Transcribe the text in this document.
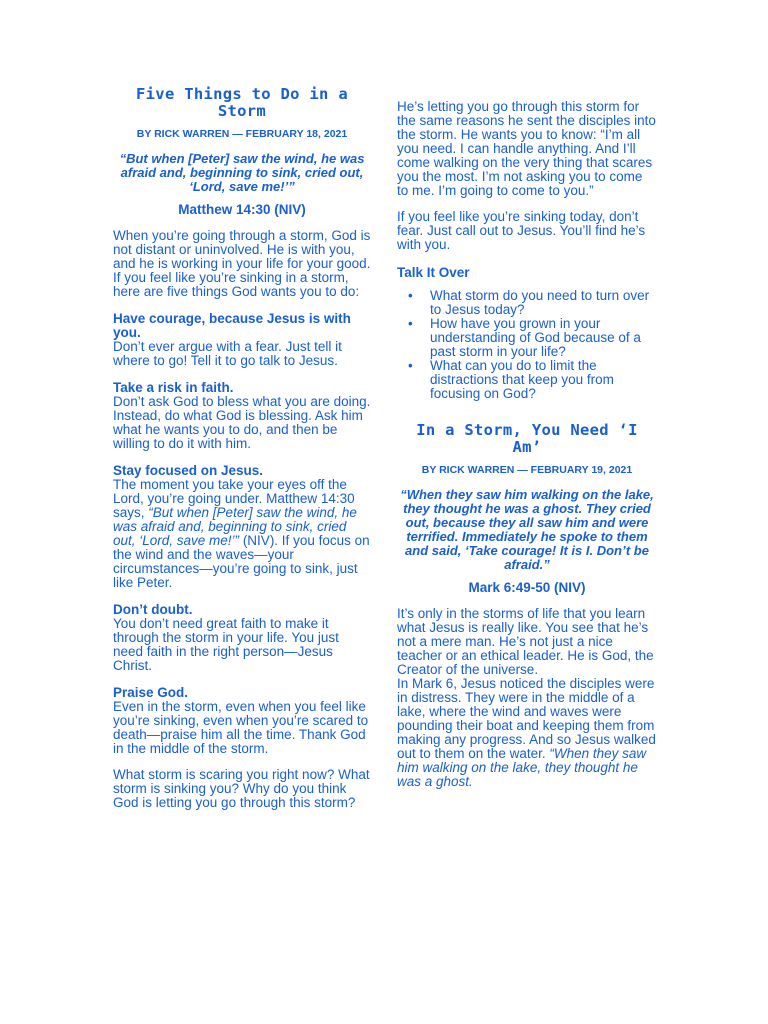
Five Things to Do in a Storm

BY RICK WARREN — FEBRUARY 18, 2021

“But when [Peter] saw the wind, he was afraid and, beginning to sink, cried out, ‘Lord, save me!’”

Matthew 14:30 (NIV)

When you’re going through a storm, God is not distant or uninvolved. He is with you, and he is working in your life for your good.

If you feel like you’re sinking in a storm, here are five things God wants you to do:

Have courage, because Jesus is with you.

Don’t ever argue with a fear. Just tell it where to go! Tell it to go talk to Jesus.

Take a risk in faith.

Don’t ask God to bless what you are doing. Instead, do what God is blessing. Ask him what he wants you to do, and then be willing to do it with him.

Stay focused on Jesus.

The moment you take your eyes off the Lord, you’re going under. Matthew 14:30 says, “But when [Peter] saw the wind, he was afraid and, beginning to sink, cried out, ‘Lord, save me!’” (NIV). If you focus on the wind and the waves—your circumstances—you’re going to sink, just like Peter.

Don’t doubt.

You don’t need great faith to make it through the storm in your life. You just need faith in the right person—Jesus Christ.

Praise God.

Even in the storm, even when you feel like you’re sinking, even when you’re scared to death—praise him all the time. Thank God in the middle of the storm.

What storm is scaring you right now? What storm is sinking you? Why do you think God is letting you go through this storm?

He’s letting you go through this storm for the same reasons he sent the disciples into the storm. He wants you to know: “I’m all you need. I can handle anything. And I’ll come walking on the very thing that scares you the most. I’m not asking you to come to me. I’m going to come to you.”

If you feel like you’re sinking today, don’t fear. Just call out to Jesus. You’ll find he’s with you.

Talk It Over

• What storm do you need to turn over to Jesus today?
• How have you grown in your understanding of God because of a past storm in your life?
• What can you do to limit the distractions that keep you from focusing on God?
In a Storm, You Need ‘I Am’

BY RICK WARREN — FEBRUARY 19, 2021

“When they saw him walking on the lake, they thought he was a ghost. They cried out, because they all saw him and were terrified. Immediately he spoke to them and said, ‘Take courage! It is I. Don’t be afraid.”

Mark 6:49-50 (NIV)

It’s only in the storms of life that you learn what Jesus is really like. You see that he’s not a mere man. He’s not just a nice teacher or an ethical leader. He is God, the Creator of the universe.

In Mark 6, Jesus noticed the disciples were in distress. They were in the middle of a lake, where the wind and waves were pounding their boat and keeping them from making any progress. And so Jesus walked out to them on the water. “When they saw him walking on the lake, they thought he was a ghost.
